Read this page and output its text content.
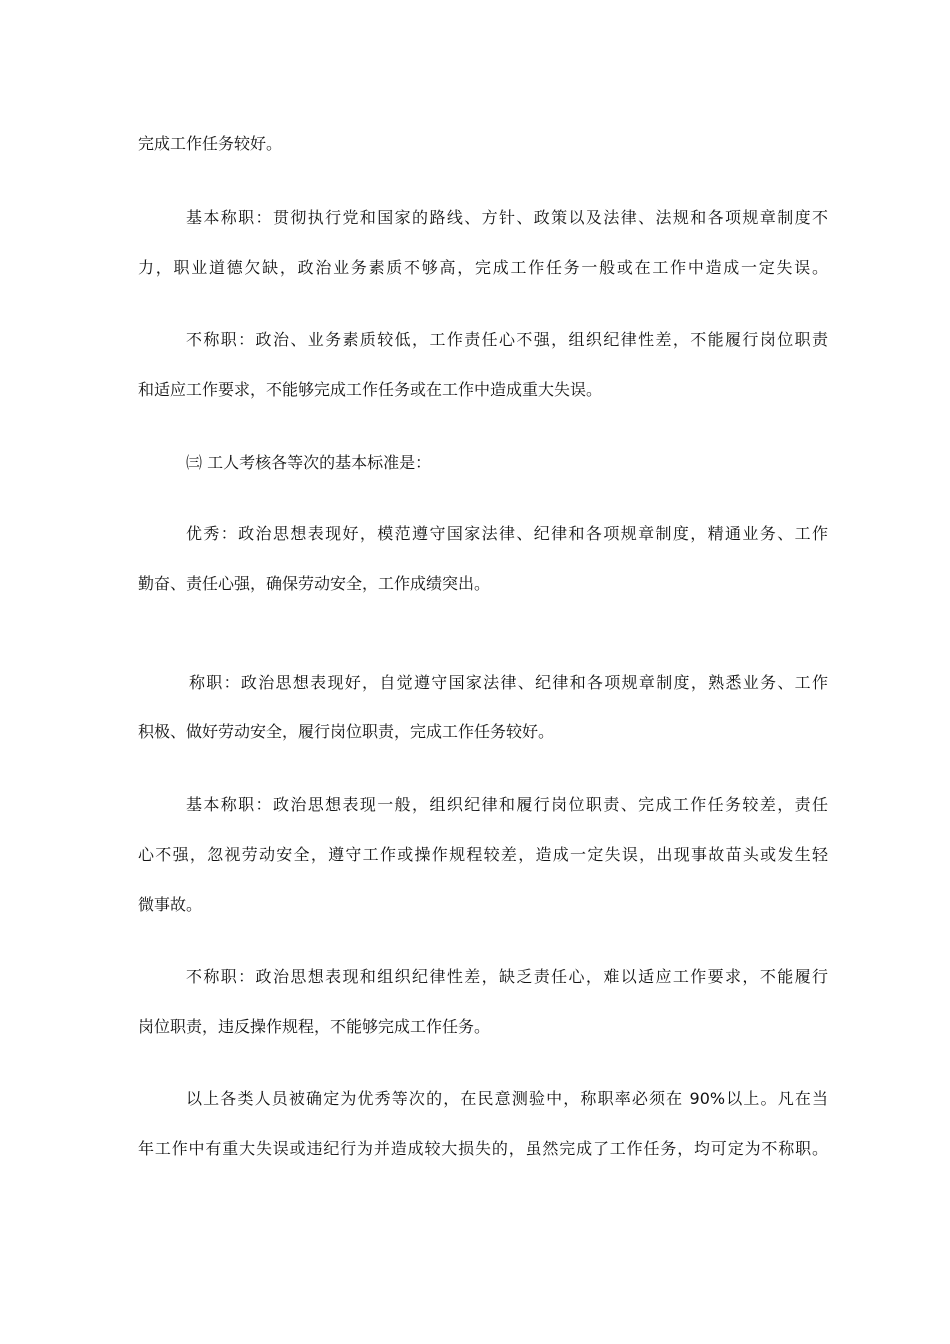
完成工作任务较好。
基本称职：贯彻执行党和国家的路线、方针、政策以及法律、法规和各项规章制度不
力，职业道德欠缺，政治业务素质不够高，完成工作任务一般或在工作中造成一定失误。
不称职：政治、业务素质较低，工作责任心不强，组织纪律性差，不能履行岗位职责
和适应工作要求，不能够完成工作任务或在工作中造成重大失误。
㈢ 工人考核各等次的基本标准是：
优秀：政治思想表现好，模范遵守国家法律、纪律和各项规章制度，精通业务、工作
勤奋、责任心强，确保劳动安全，工作成绩突出。
称职：政治思想表现好，自觉遵守国家法律、纪律和各项规章制度，熟悉业务、工作
积极、做好劳动安全，履行岗位职责，完成工作任务较好。
基本称职：政治思想表现一般，组织纪律和履行岗位职责、完成工作任务较差，责任
心不强，忽视劳动安全，遵守工作或操作规程较差，造成一定失误，出现事故苗头或发生轻
微事故。
不称职：政治思想表现和组织纪律性差，缺乏责任心，难以适应工作要求，不能履行
岗位职责，违反操作规程，不能够完成工作任务。
以上各类人员被确定为优秀等次的，在民意测验中，称职率必须在 90%以上。凡在当
年工作中有重大失误或违纪行为并造成较大损失的，虽然完成了工作任务，均可定为不称职。
